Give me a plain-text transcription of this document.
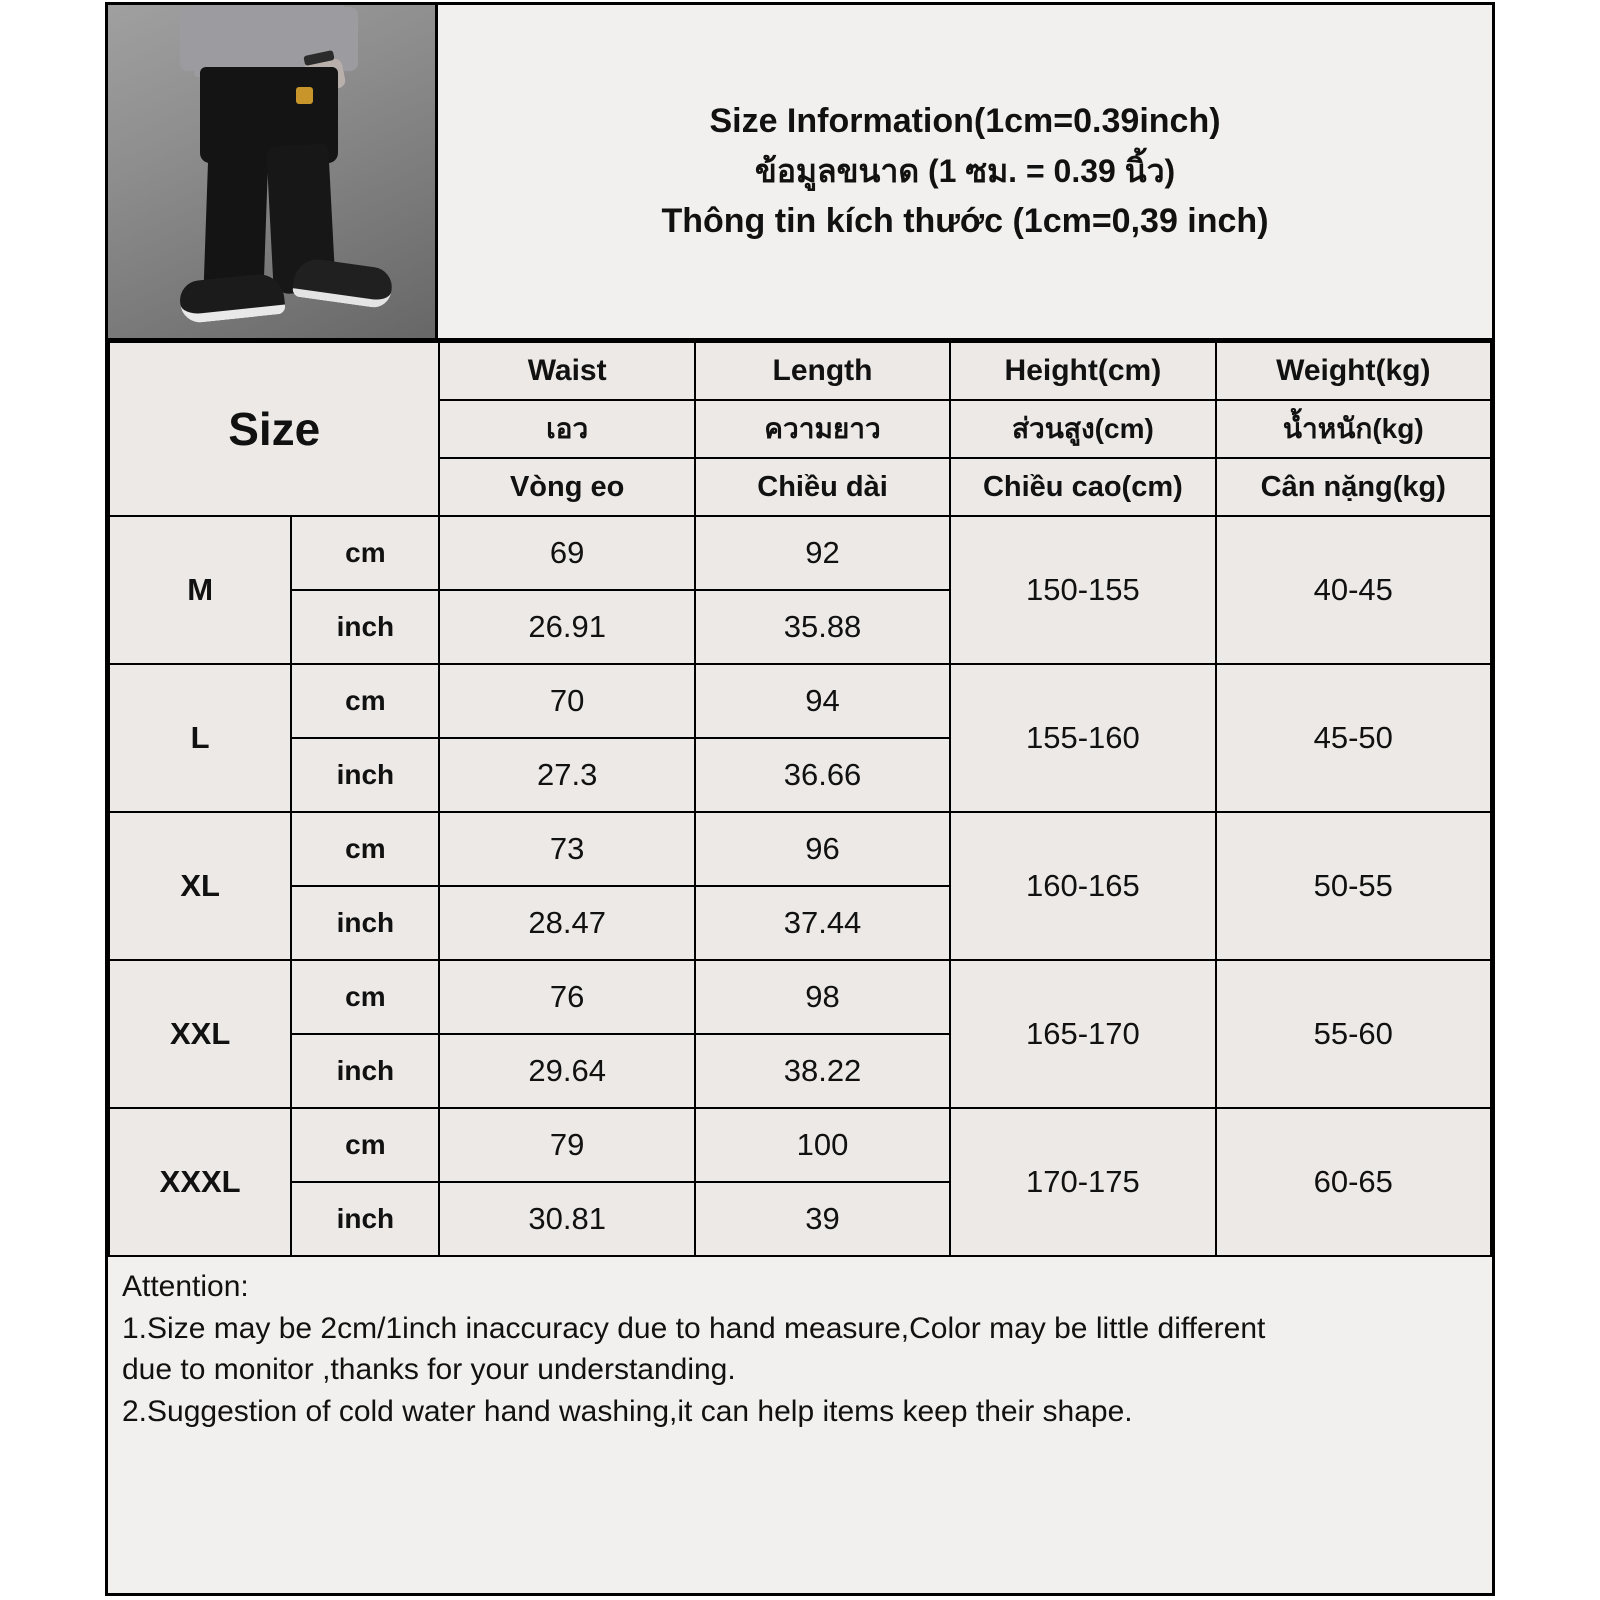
Size Information(1cm=0.39inch)
ข้อมูลขนาด (1 ซม. = 0.39 นิ้ว)
Thông tin kích thước (1cm=0,39 inch)
Size		Waist	Length	Height(cm)	Weight(kg)
		เอว	ความยาว	ส่วนสูง(cm)	น้ำหนัก(kg)
		Vòng eo	Chiều dài	Chiều cao(cm)	Cân nặng(kg)
M	cm	69	92	150-155	40-45
	inch	26.91	35.88		
L	cm	70	94	155-160	45-50
	inch	27.3	36.66		
XL	cm	73	96	160-165	50-55
	inch	28.47	37.44		
XXL	cm	76	98	165-170	55-60
	inch	29.64	38.22		
XXXL	cm	79	100	170-175	60-65
	inch	30.81	39		

Attention:

1.Size may be 2cm/1inch inaccuracy due to hand measure,Color may be little different

due to monitor ,thanks for your understanding.

2.Suggestion of cold water hand washing,it can help items keep their shape.
